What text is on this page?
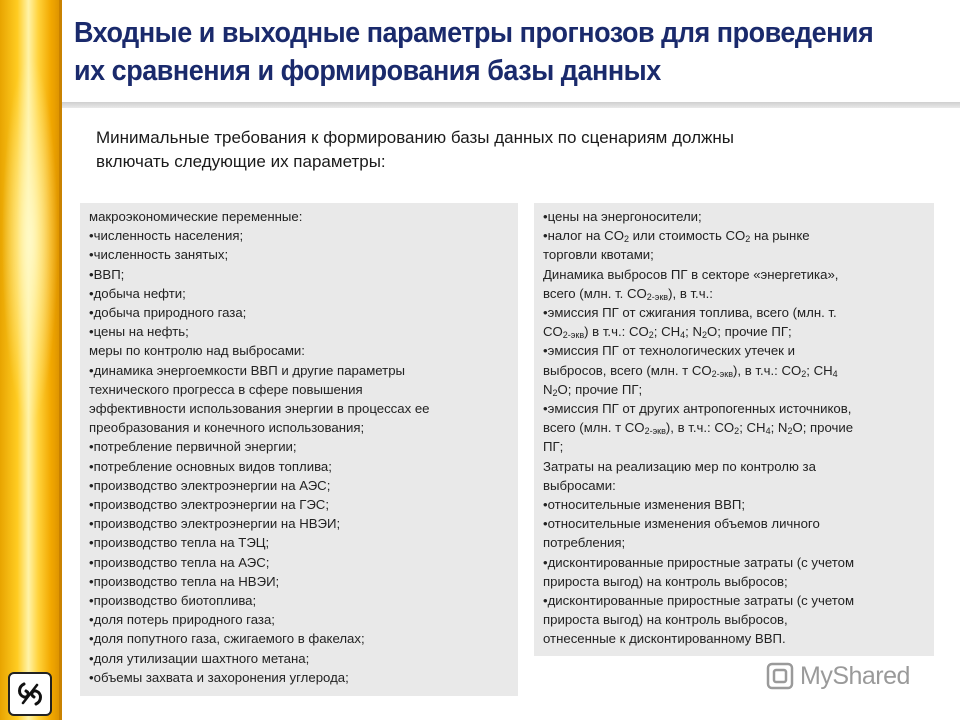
Входные и выходные параметры прогнозов для проведения
их сравнения и формирования базы данных
Минимальные требования к формированию базы данных по сценариям должны
включать следующие их параметры:
макроэкономические переменные:
•численность населения;
•численность занятых;
•ВВП;
•добыча нефти;
•добыча природного газа;
•цены на нефть;
меры по контролю над выбросами:
•динамика энергоемкости ВВП и другие параметры
технического прогресса в сфере повышения
эффективности использования энергии в процессах ее
преобразования и конечного использования;
•потребление первичной энергии;
•потребление основных видов топлива;
•производство электроэнергии на АЭС;
•производство электроэнергии на ГЭС;
•производство электроэнергии на НВЭИ;
•производство тепла на ТЭЦ;
•производство тепла на АЭС;
•производство тепла на НВЭИ;
•производство биотоплива;
•доля потерь природного газа;
•доля попутного газа, сжигаемого в факелах;
•доля утилизации шахтного метана;
•объемы захвата и захоронения углерода;
•цены на энергоносители;
•налог на $CO_2$ или стоимость $CO_2$ на рынке
торговли квотами;
Динамика выбросов ПГ в секторе «энергетика»,
всего (млн. т. $CO_{2-экв}$), в т.ч.:
•эмиссия ПГ от сжигания топлива, всего (млн. т.
$CO_{2-экв}$) в т.ч.: $CO_2$; $CH_4$; $N_2O$; прочие ПГ;
•эмиссия ПГ от технологических утечек и
выбросов, всего (млн. т $CO_{2-экв}$), в т.ч.: $CO_2$; $CH_4$
$N_2O$; прочие ПГ;
•эмиссия ПГ от других антропогенных источников,
всего (млн. т $CO_{2-экв}$), в т.ч.: $CO_2$; $CH_4$; $N_2O$; прочие
ПГ;
Затраты на реализацию мер по контролю за
выбросами:
•относительные изменения ВВП;
•относительные изменения объемов личного
потребления;
•дисконтированные приростные затраты (с учетом
прироста выгод) на контроль выбросов;
•дисконтированные приростные затраты (с учетом
прироста выгод) на контроль выбросов,
отнесенные к дисконтированному ВВП.
MyShared
